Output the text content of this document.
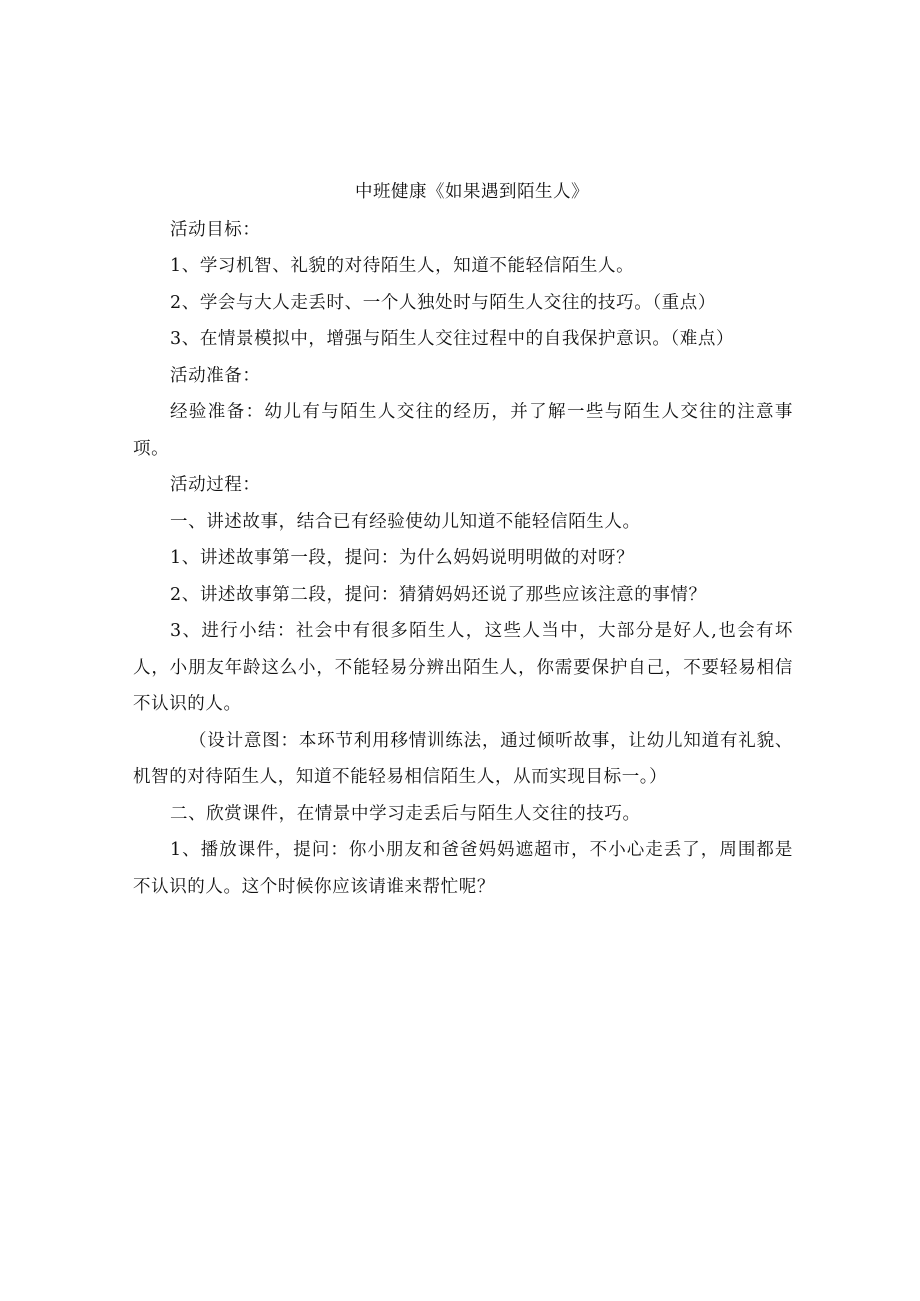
中班健康《如果遇到陌生人》

活动目标：

1、学习机智、礼貌的对待陌生人，知道不能轻信陌生人。

2、学会与大人走丢时、一个人独处时与陌生人交往的技巧。（重点）

3、在情景模拟中，增强与陌生人交往过程中的自我保护意识。（难点）

活动准备：

经验准备：幼儿有与陌生人交往的经历，并了解一些与陌生人交往的注意事项。

活动过程：

一、讲述故事，结合已有经验使幼儿知道不能轻信陌生人。

1、讲述故事第一段，提问：为什么妈妈说明明做的对呀？

2、讲述故事第二段，提问：猜猜妈妈还说了那些应该注意的事情？

3、进行小结：社会中有很多陌生人，这些人当中，大部分是好人,也会有坏人，小朋友年龄这么小，不能轻易分辨出陌生人，你需要保护自己，不要轻易相信不认识的人。

（设计意图：本环节利用移情训练法，通过倾听故事，让幼儿知道有礼貌、机智的对待陌生人，知道不能轻易相信陌生人，从而实现目标一。）

二、欣赏课件，在情景中学习走丢后与陌生人交往的技巧。

1、播放课件，提问：你小朋友和爸爸妈妈遮超市，不小心走丢了，周围都是不认识的人。这个时候你应该请谁来帮忙呢？
